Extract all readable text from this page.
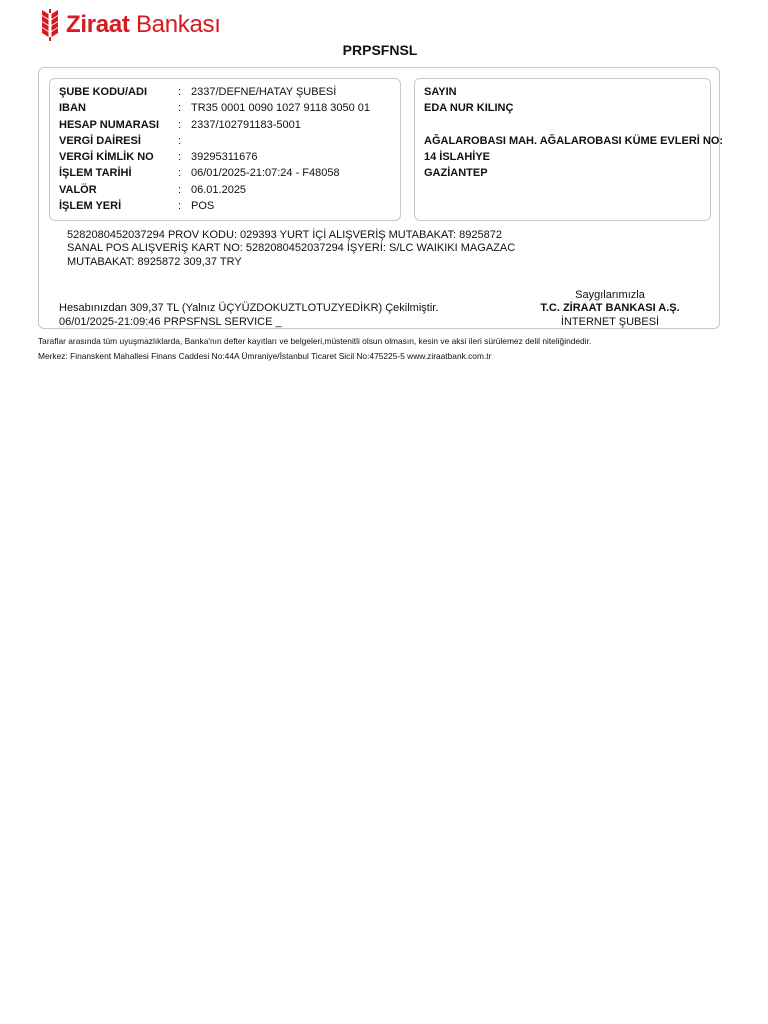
Ziraat Bankası
PRPSFNSL
ŞUBE KODU/ADI	: 2337/DEFNE/HATAY ŞUBESİ
IBAN	: TR35 0001 0090 1027 9118 3050 01
HESAP NUMARASI : 2337/102791183-5001
VERGİ DAİRESİ	:
VERGİ KİMLİK NO : 39295311676
İŞLEM TARİHİ	: 06/01/2025-21:07:24 - F48058
VALÖR	: 06.01.2025
İŞLEM YERİ	: POS
SAYIN
EDA NUR KILINÇ
AĞALAROBASI MAH. AĞALAROBASI KÜME EVLERİ NO:
14 İSLAHİYE
GAZİANTEP
5282080452037294 PROV KODU: 029393 YURT İÇİ ALIŞVERİŞ MUTABAKAT: 8925872
SANAL POS ALIŞVERİŞ KART NO: 5282080452037294 İŞYERİ: S/LC WAIKIKI MAGAZAC
MUTABAKAT: 8925872 309,37 TRY
Hesabınızdan 309,37 TL (Yalnız ÜÇYÜZDOKUZTLOTUZYEDİKR) Çekilmiştir.
06/01/2025-21:09:46 PRPSFNSL SERVICE _
Saygılarımızla
T.C. ZİRAAT BANKASI A.Ş.
İNTERNET ŞUBESİ
Taraflar arasında tüm uyuşmazlıklarda, Banka'nın defter kayıtları ve belgeleri,müstenitli olsun olmasın, kesin ve aksi ileri sürülemez delil niteliğindedir.
Merkez: Finanskent Mahallesi Finans Caddesi No:44A Ümraniye/İstanbul Ticaret Sicil No:475225-5 www.ziraatbank.com.tr
